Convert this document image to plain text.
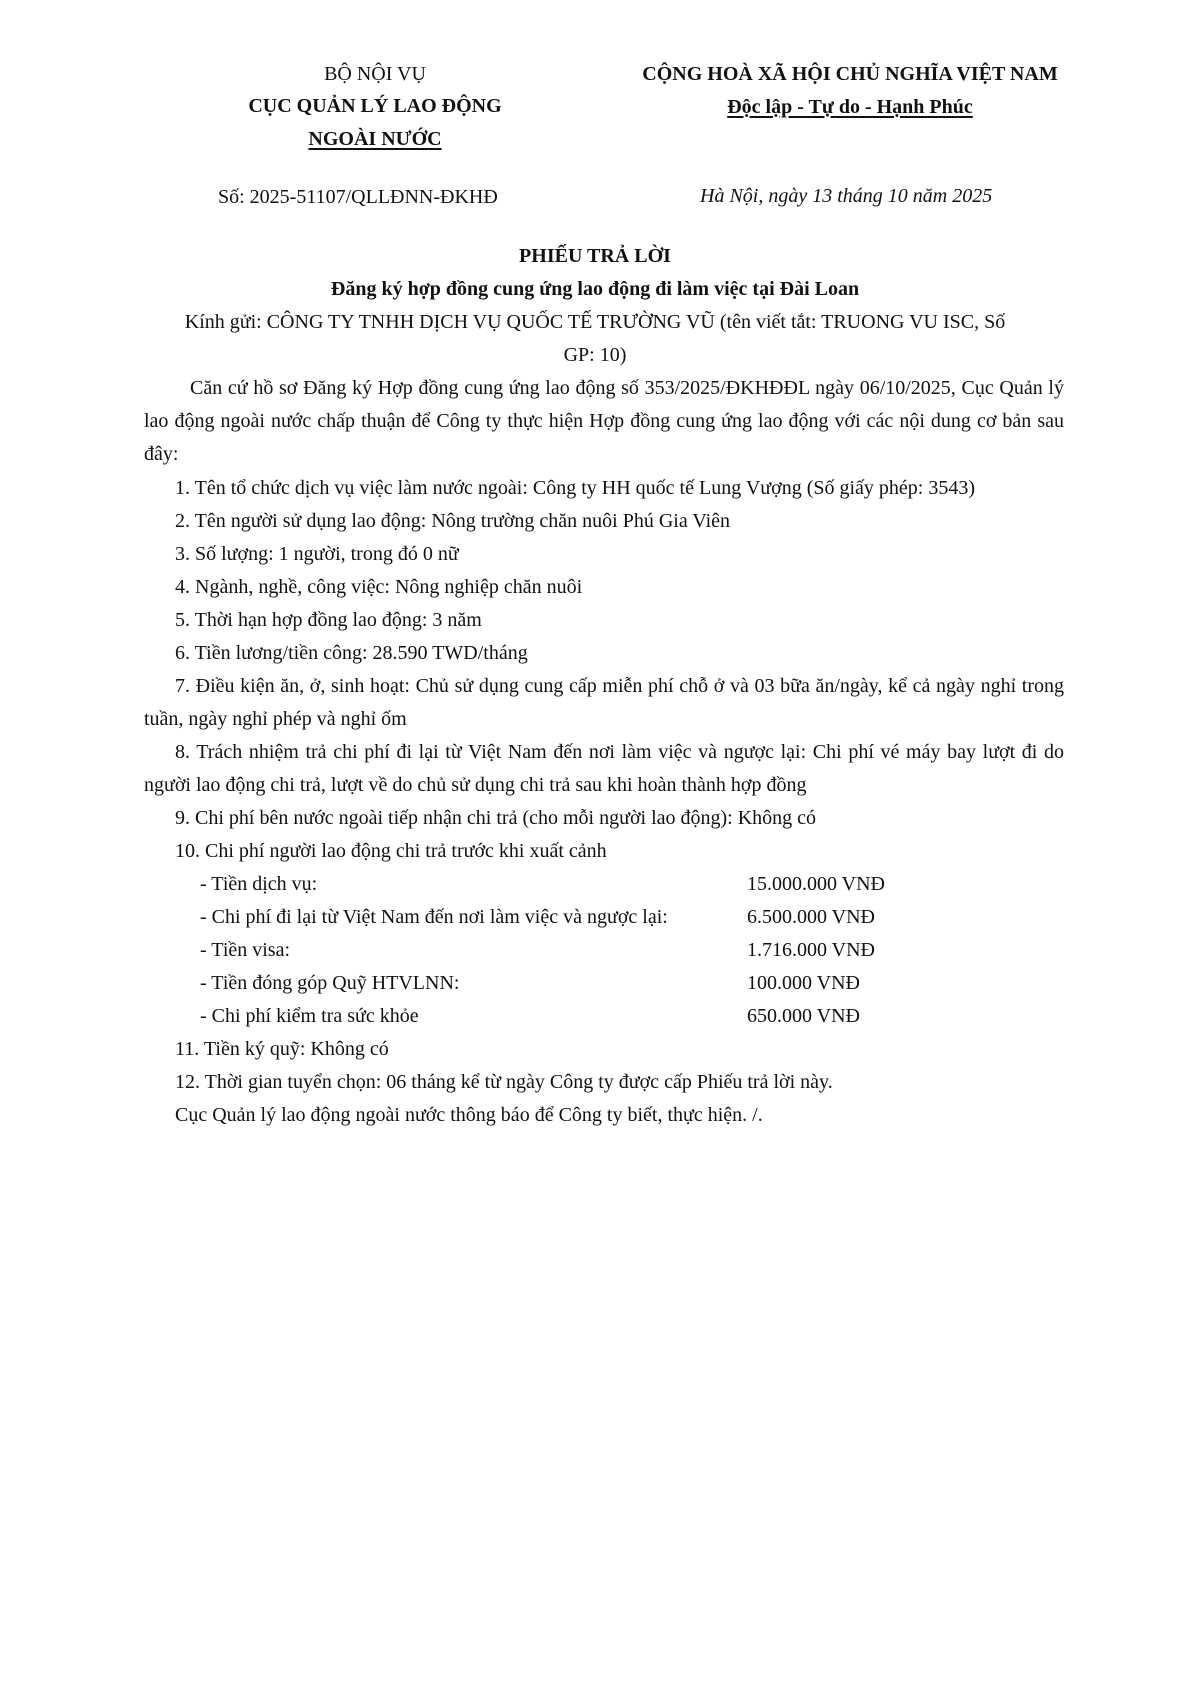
BỘ NỘI VỤ
CỤC QUẢN LÝ LAO ĐỘNG
NGOÀI NƯỚC
Số: 2025-51107/QLLĐNN-ĐKHĐ
CỘNG HOÀ XÃ HỘI CHỦ NGHĨA VIỆT NAM
Độc lập - Tự do - Hạnh Phúc
Hà Nội, ngày 13 tháng 10 năm 2025
PHIẾU TRẢ LỜI
Đăng ký hợp đồng cung ứng lao động đi làm việc tại Đài Loan
Kính gửi: CÔNG TY TNHH DỊCH VỤ QUỐC TẾ TRƯỜNG VŨ (tên viết tắt: TRUONG VU ISC, Số
GP: 10)
Căn cứ hồ sơ Đăng ký Hợp đồng cung ứng lao động số 353/2025/ĐKHĐĐL ngày 06/10/2025, Cục Quản lý lao động ngoài nước chấp thuận để Công ty thực hiện Hợp đồng cung ứng lao động với các nội dung cơ bản sau đây:
1. Tên tổ chức dịch vụ việc làm nước ngoài: Công ty HH quốc tế Lung Vượng (Số giấy phép: 3543)
2. Tên người sử dụng lao động: Nông trường chăn nuôi Phú Gia Viên
3. Số lượng: 1 người, trong đó 0 nữ
4. Ngành, nghề, công việc: Nông nghiệp chăn nuôi
5. Thời hạn hợp đồng lao động: 3 năm
6. Tiền lương/tiền công: 28.590 TWD/tháng
7. Điều kiện ăn, ở, sinh hoạt: Chủ sử dụng cung cấp miễn phí chỗ ở và 03 bữa ăn/ngày, kể cả ngày nghỉ trong tuần, ngày nghỉ phép và nghỉ ốm
8. Trách nhiệm trả chi phí đi lại từ Việt Nam đến nơi làm việc và ngược lại: Chi phí vé máy bay lượt đi do người lao động chi trả, lượt về do chủ sử dụng chi trả sau khi hoàn thành hợp đồng
9. Chi phí bên nước ngoài tiếp nhận chi trả (cho mỗi người lao động): Không có
10. Chi phí người lao động chi trả trước khi xuất cảnh
- Tiền dịch vụ:	15.000.000 VNĐ
- Chi phí đi lại từ Việt Nam đến nơi làm việc và ngược lại:	6.500.000 VNĐ
- Tiền visa:	1.716.000 VNĐ
- Tiền đóng góp Quỹ HTVLNN:	100.000 VNĐ
- Chi phí kiểm tra sức khỏe	650.000 VNĐ
11. Tiền ký quỹ: Không có
12. Thời gian tuyển chọn: 06 tháng kể từ ngày Công ty được cấp Phiếu trả lời này.
Cục Quản lý lao động ngoài nước thông báo để Công ty biết, thực hiện. /.
